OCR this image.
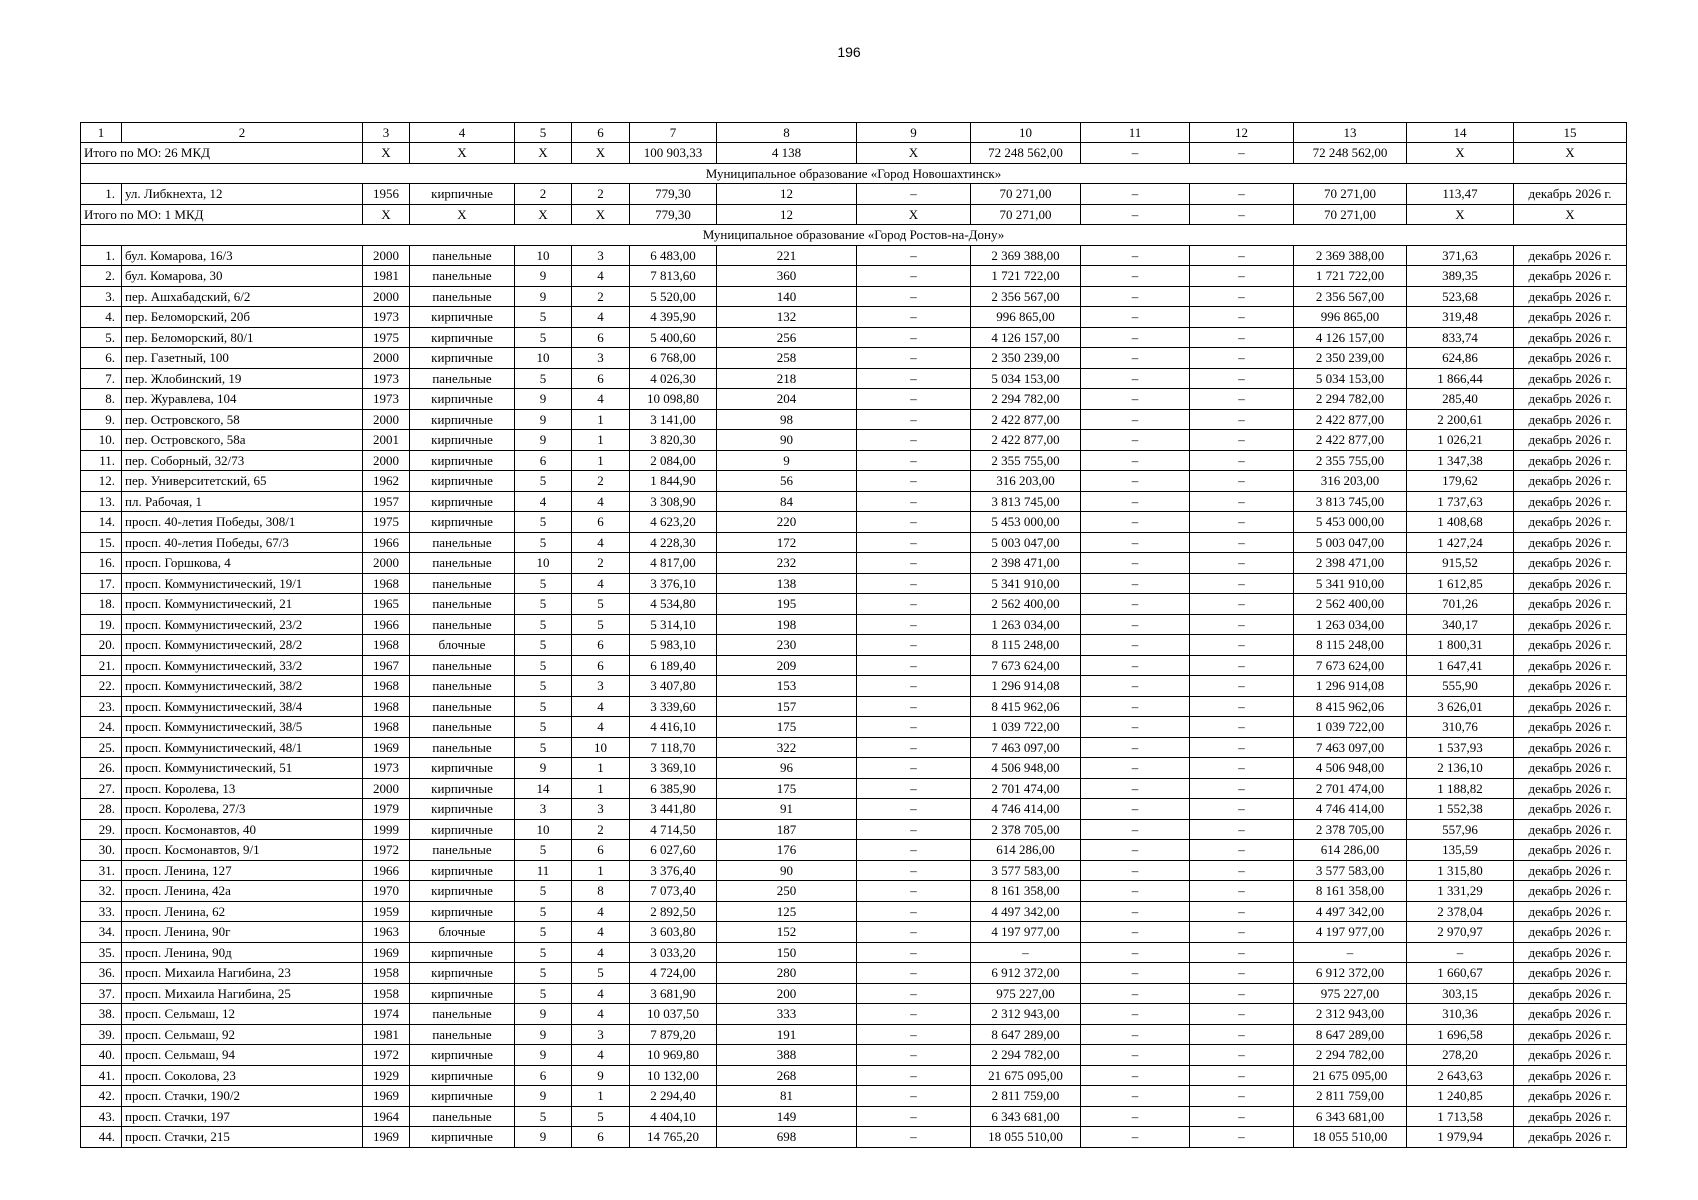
196
1	2	3	4	5	6	7	8	9	10	11	12	13	14	15
Итого по МО: 26 МКД		X	X	X	X	100 903,33	4 138	X	72 248 562,00	–	–	72 248 562,00	X	X
Муниципальное образование «Город Новошахтинск»														
1.	ул. Либкнехта, 12	1956	кирпичные	2	2	779,30	12	–	70 271,00	–	–	70 271,00	113,47	декабрь 2026 г.
Итого по МО: 1 МКД		X	X	X	X	779,30	12	X	70 271,00	–	–	70 271,00	X	X
Муниципальное образование «Город Ростов-на-Дону»														
1.	бул. Комарова, 16/3	2000	панельные	10	3	6 483,00	221	–	2 369 388,00	–	–	2 369 388,00	371,63	декабрь 2026 г.
2.	бул. Комарова, 30	1981	панельные	9	4	7 813,60	360	–	1 721 722,00	–	–	1 721 722,00	389,35	декабрь 2026 г.
3.	пер. Ашхабадский, 6/2	2000	панельные	9	2	5 520,00	140	–	2 356 567,00	–	–	2 356 567,00	523,68	декабрь 2026 г.
4.	пер. Беломорский, 20б	1973	кирпичные	5	4	4 395,90	132	–	996 865,00	–	–	996 865,00	319,48	декабрь 2026 г.
5.	пер. Беломорский, 80/1	1975	кирпичные	5	6	5 400,60	256	–	4 126 157,00	–	–	4 126 157,00	833,74	декабрь 2026 г.
6.	пер. Газетный, 100	2000	кирпичные	10	3	6 768,00	258	–	2 350 239,00	–	–	2 350 239,00	624,86	декабрь 2026 г.
7.	пер. Жлобинский, 19	1973	панельные	5	6	4 026,30	218	–	5 034 153,00	–	–	5 034 153,00	1 866,44	декабрь 2026 г.
8.	пер. Журавлева, 104	1973	кирпичные	9	4	10 098,80	204	–	2 294 782,00	–	–	2 294 782,00	285,40	декабрь 2026 г.
9.	пер. Островского, 58	2000	кирпичные	9	1	3 141,00	98	–	2 422 877,00	–	–	2 422 877,00	2 200,61	декабрь 2026 г.
10.	пер. Островского, 58а	2001	кирпичные	9	1	3 820,30	90	–	2 422 877,00	–	–	2 422 877,00	1 026,21	декабрь 2026 г.
11.	пер. Соборный, 32/73	2000	кирпичные	6	1	2 084,00	9	–	2 355 755,00	–	–	2 355 755,00	1 347,38	декабрь 2026 г.
12.	пер. Университетский, 65	1962	кирпичные	5	2	1 844,90	56	–	316 203,00	–	–	316 203,00	179,62	декабрь 2026 г.
13.	пл. Рабочая, 1	1957	кирпичные	4	4	3 308,90	84	–	3 813 745,00	–	–	3 813 745,00	1 737,63	декабрь 2026 г.
14.	просп. 40-летия Победы, 308/1	1975	кирпичные	5	6	4 623,20	220	–	5 453 000,00	–	–	5 453 000,00	1 408,68	декабрь 2026 г.
15.	просп. 40-летия Победы, 67/3	1966	панельные	5	4	4 228,30	172	–	5 003 047,00	–	–	5 003 047,00	1 427,24	декабрь 2026 г.
16.	просп. Горшкова, 4	2000	панельные	10	2	4 817,00	232	–	2 398 471,00	–	–	2 398 471,00	915,52	декабрь 2026 г.
17.	просп. Коммунистический, 19/1	1968	панельные	5	4	3 376,10	138	–	5 341 910,00	–	–	5 341 910,00	1 612,85	декабрь 2026 г.
18.	просп. Коммунистический, 21	1965	панельные	5	5	4 534,80	195	–	2 562 400,00	–	–	2 562 400,00	701,26	декабрь 2026 г.
19.	просп. Коммунистический, 23/2	1966	панельные	5	5	5 314,10	198	–	1 263 034,00	–	–	1 263 034,00	340,17	декабрь 2026 г.
20.	просп. Коммунистический, 28/2	1968	блочные	5	6	5 983,10	230	–	8 115 248,00	–	–	8 115 248,00	1 800,31	декабрь 2026 г.
21.	просп. Коммунистический, 33/2	1967	панельные	5	6	6 189,40	209	–	7 673 624,00	–	–	7 673 624,00	1 647,41	декабрь 2026 г.
22.	просп. Коммунистический, 38/2	1968	панельные	5	3	3 407,80	153	–	1 296 914,08	–	–	1 296 914,08	555,90	декабрь 2026 г.
23.	просп. Коммунистический, 38/4	1968	панельные	5	4	3 339,60	157	–	8 415 962,06	–	–	8 415 962,06	3 626,01	декабрь 2026 г.
24.	просп. Коммунистический, 38/5	1968	панельные	5	4	4 416,10	175	–	1 039 722,00	–	–	1 039 722,00	310,76	декабрь 2026 г.
25.	просп. Коммунистический, 48/1	1969	панельные	5	10	7 118,70	322	–	7 463 097,00	–	–	7 463 097,00	1 537,93	декабрь 2026 г.
26.	просп. Коммунистический, 51	1973	кирпичные	9	1	3 369,10	96	–	4 506 948,00	–	–	4 506 948,00	2 136,10	декабрь 2026 г.
27.	просп. Королева, 13	2000	кирпичные	14	1	6 385,90	175	–	2 701 474,00	–	–	2 701 474,00	1 188,82	декабрь 2026 г.
28.	просп. Королева, 27/3	1979	кирпичные	3	3	3 441,80	91	–	4 746 414,00	–	–	4 746 414,00	1 552,38	декабрь 2026 г.
29.	просп. Космонавтов, 40	1999	кирпичные	10	2	4 714,50	187	–	2 378 705,00	–	–	2 378 705,00	557,96	декабрь 2026 г.
30.	просп. Космонавтов, 9/1	1972	панельные	5	6	6 027,60	176	–	614 286,00	–	–	614 286,00	135,59	декабрь 2026 г.
31.	просп. Ленина, 127	1966	кирпичные	11	1	3 376,40	90	–	3 577 583,00	–	–	3 577 583,00	1 315,80	декабрь 2026 г.
32.	просп. Ленина, 42а	1970	кирпичные	5	8	7 073,40	250	–	8 161 358,00	–	–	8 161 358,00	1 331,29	декабрь 2026 г.
33.	просп. Ленина, 62	1959	кирпичные	5	4	2 892,50	125	–	4 497 342,00	–	–	4 497 342,00	2 378,04	декабрь 2026 г.
34.	просп. Ленина, 90г	1963	блочные	5	4	3 603,80	152	–	4 197 977,00	–	–	4 197 977,00	2 970,97	декабрь 2026 г.
35.	просп. Ленина, 90д	1969	кирпичные	5	4	3 033,20	150	–	–	–	–	–	–	декабрь 2026 г.
36.	просп. Михаила Нагибина, 23	1958	кирпичные	5	5	4 724,00	280	–	6 912 372,00	–	–	6 912 372,00	1 660,67	декабрь 2026 г.
37.	просп. Михаила Нагибина, 25	1958	кирпичные	5	4	3 681,90	200	–	975 227,00	–	–	975 227,00	303,15	декабрь 2026 г.
38.	просп. Сельмаш, 12	1974	панельные	9	4	10 037,50	333	–	2 312 943,00	–	–	2 312 943,00	310,36	декабрь 2026 г.
39.	просп. Сельмаш, 92	1981	панельные	9	3	7 879,20	191	–	8 647 289,00	–	–	8 647 289,00	1 696,58	декабрь 2026 г.
40.	просп. Сельмаш, 94	1972	кирпичные	9	4	10 969,80	388	–	2 294 782,00	–	–	2 294 782,00	278,20	декабрь 2026 г.
41.	просп. Соколова, 23	1929	кирпичные	6	9	10 132,00	268	–	21 675 095,00	–	–	21 675 095,00	2 643,63	декабрь 2026 г.
42.	просп. Стачки, 190/2	1969	кирпичные	9	1	2 294,40	81	–	2 811 759,00	–	–	2 811 759,00	1 240,85	декабрь 2026 г.
43.	просп. Стачки, 197	1964	панельные	5	5	4 404,10	149	–	6 343 681,00	–	–	6 343 681,00	1 713,58	декабрь 2026 г.
44.	просп. Стачки, 215	1969	кирпичные	9	6	14 765,20	698	–	18 055 510,00	–	–	18 055 510,00	1 979,94	декабрь 2026 г.
